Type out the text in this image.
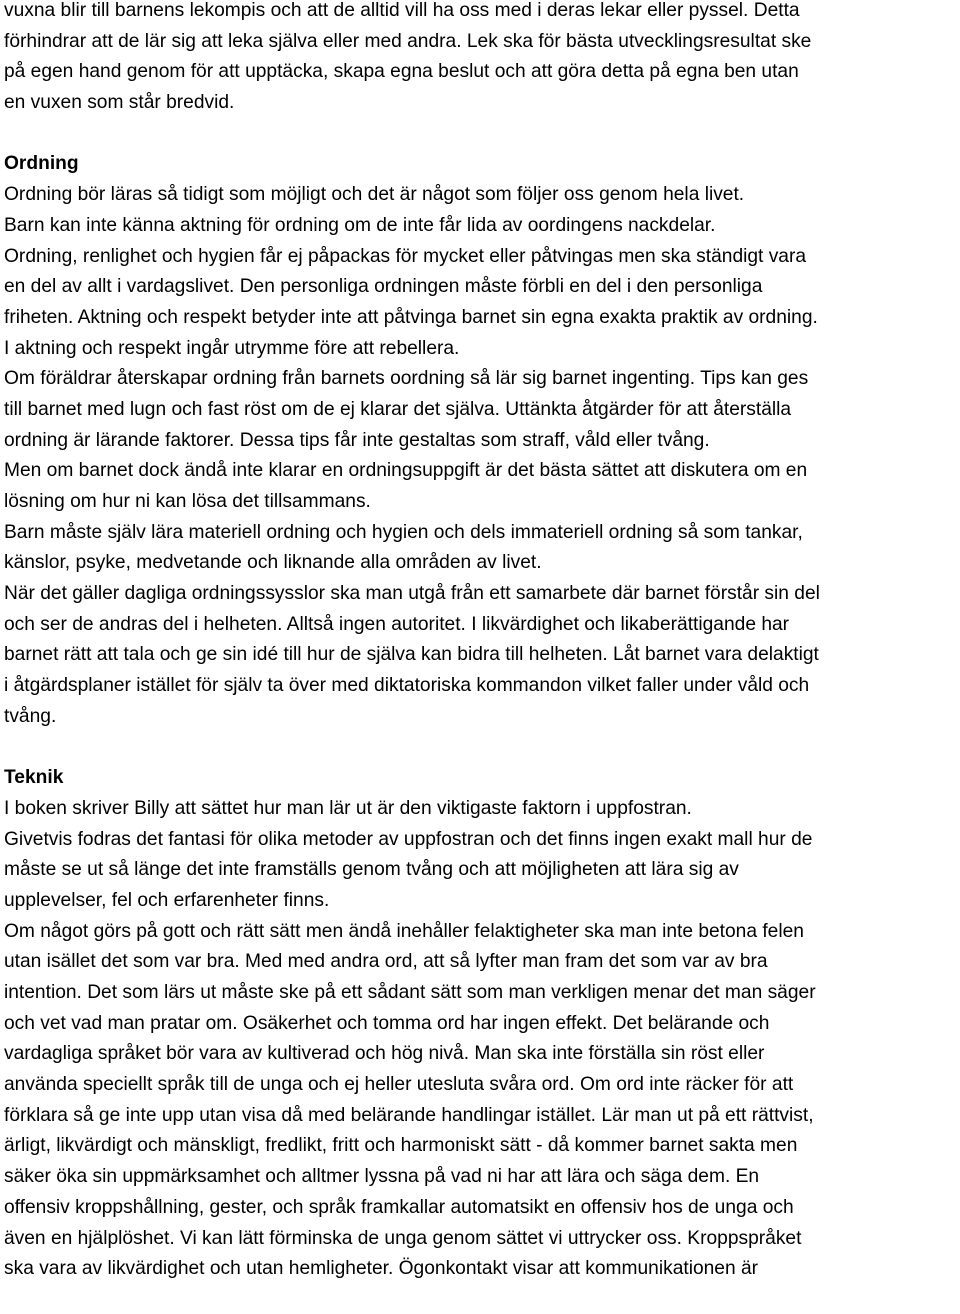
vuxna blir till barnens lekompis och att de alltid vill ha oss med i deras lekar eller pyssel. Detta
förhindrar att de lär sig att leka själva eller med andra. Lek ska för bästa utvecklingsresultat ske
på egen hand genom för att upptäcka, skapa egna beslut och att göra detta på egna ben utan
en vuxen som står bredvid.
Ordning
Ordning bör läras så tidigt som möjligt och det är något som följer oss genom hela livet.
Barn kan inte känna aktning för ordning om de inte får lida av oordingens nackdelar.
Ordning, renlighet och hygien får ej påpackas för mycket eller påtvingas men ska ständigt vara
en del av allt i vardagslivet. Den personliga ordningen måste förbli en del i den personliga
friheten. Aktning och respekt betyder inte att påtvinga barnet sin egna exakta praktik av ordning.
I aktning och respekt ingår utrymme före att rebellera.
Om föräldrar återskapar ordning från barnets oordning så lär sig barnet ingenting. Tips kan ges
till barnet med lugn och fast röst om de ej klarar det själva. Uttänkta åtgärder för att återställa
ordning är lärande faktorer. Dessa tips får inte gestaltas som straff, våld eller tvång.
Men om barnet dock ändå inte klarar en ordningsuppgift är det bästa sättet att diskutera om en
lösning om hur ni kan lösa det tillsammans.
Barn måste själv lära materiell ordning och hygien och dels immateriell ordning så som tankar,
känslor, psyke, medvetande och liknande alla områden av livet.
När det gäller dagliga ordningssysslor ska man utgå från ett samarbete där barnet förstår sin del
och ser de andras del i helheten. Alltså ingen autoritet. I likvärdighet och likaberättigande har
barnet rätt att tala och ge sin idé till hur de själva kan bidra till helheten. Låt barnet vara delaktigt
i åtgärdsplaner istället för själv ta över med diktatoriska kommandon vilket faller under våld och
tvång.
Teknik
I boken skriver Billy att sättet hur man lär ut är den viktigaste faktorn i uppfostran.
Givetvis fodras det fantasi för olika metoder av uppfostran och det finns ingen exakt mall hur de
måste se ut så länge det inte framställs genom tvång och att möjligheten att lära sig av
upplevelser, fel och erfarenheter finns.
Om något görs på gott och rätt sätt men ändå inehåller felaktigheter ska man inte betona felen
utan isället det som var bra. Med med andra ord, att så lyfter man fram det som var av bra
intention. Det som lärs ut måste ske på ett sådant sätt som man verkligen menar det man säger
och vet vad man pratar om. Osäkerhet och tomma ord har ingen effekt. Det belärande och
vardagliga språket bör vara av kultiverad och hög nivå. Man ska inte förställa sin röst eller
använda speciellt språk till de unga och ej heller utesluta svåra ord. Om ord inte räcker för att
förklara så ge inte upp utan visa då med belärande handlingar istället. Lär man ut på ett rättvist,
ärligt, likvärdigt och mänskligt, fredlikt, fritt och harmoniskt sätt - då kommer barnet sakta men
säker öka sin uppmärksamhet och alltmer lyssna på vad ni har att lära och säga dem. En
offensiv kroppshållning, gester, och språk framkallar automatsikt en offensiv hos de unga och
även en hjälplöshet. Vi kan lätt förminska de unga genom sättet vi uttrycker oss. Kroppspråket
ska vara av likvärdighet och utan hemligheter. Ögonkontakt visar att kommunikationen är
